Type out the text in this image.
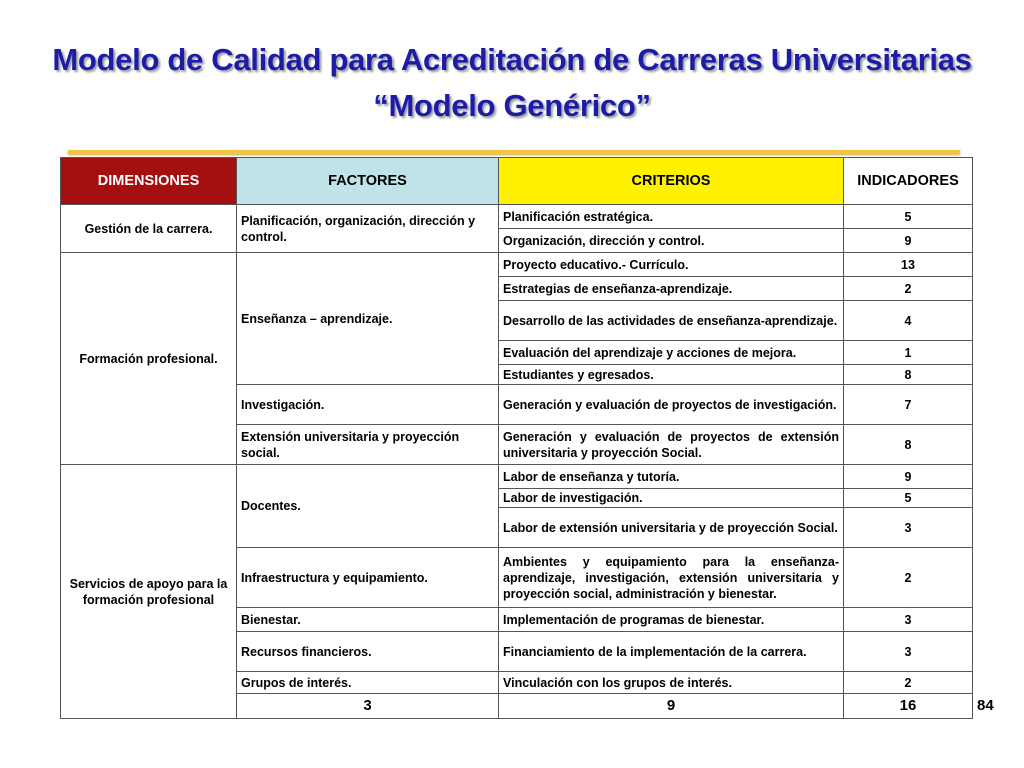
Modelo de Calidad para Acreditación de Carreras Universitarias
“Modelo Genérico”
DIMENSIONES	FACTORES	CRITERIOS	INDICADORES	
Gestión de la carrera.	Planificación, organización, dirección y control.	Planificación estratégica.	5	
		Organización, dirección y control.	9	
Formación profesional.	Enseñanza – aprendizaje.	Proyecto educativo.- Currículo.	13	
		Estrategias de enseñanza-aprendizaje.	2	
		Desarrollo de las actividades de enseñanza-aprendizaje.	4	
		Evaluación del aprendizaje y acciones de mejora.	1	
		Estudiantes y egresados.	8	
	Investigación.	Generación y evaluación de proyectos de investigación.	7	
	Extensión universitaria y proyección social.	Generación y evaluación de proyectos de extensión universitaria y proyección Social.	8	
Servicios de apoyo para la formación profesional	Docentes.	Labor de enseñanza y tutoría.	9	
		Labor de investigación.	5	
		Labor de extensión universitaria y de proyección Social.	3	
	Infraestructura y equipamiento.	Ambientes y equipamiento para la enseñanza-aprendizaje, investigación, extensión universitaria y proyección social, administración y bienestar.	2	
	Bienestar.	Implementación de programas de bienestar.	3	
	Recursos financieros.	Financiamiento de la implementación de la carrera.	3	
	Grupos de interés.	Vinculación con los grupos de interés.	2	
	3	9	16	84
